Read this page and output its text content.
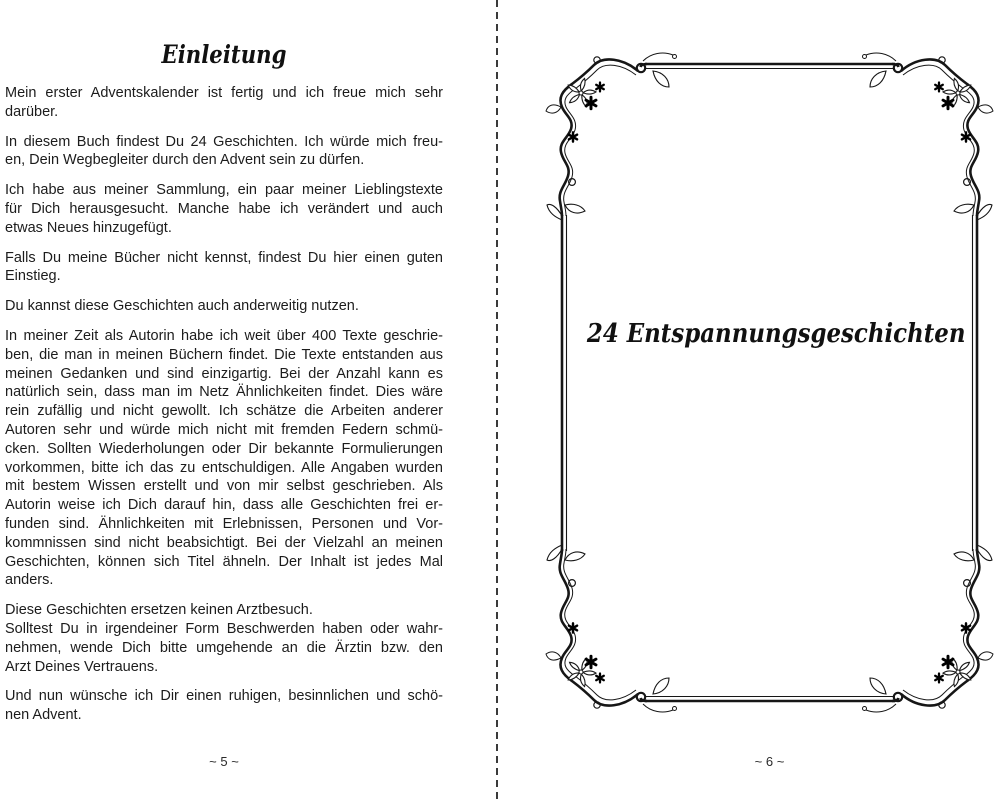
Einleitung

Mein erster Adventskalender ist fertig und ich freue mich sehr
darüber.

In diesem Buch findest Du 24 Geschichten. Ich würde mich freu-
en, Dein Wegbegleiter durch den Advent sein zu dürfen.

Ich habe aus meiner Sammlung, ein paar meiner Lieblingstexte
für Dich herausgesucht. Manche habe ich verändert und auch
etwas Neues hinzugefügt.

Falls Du meine Bücher nicht kennst, findest Du hier einen guten
Einstieg.

Du kannst diese Geschichten auch anderweitig nutzen.

In meiner Zeit als Autorin habe ich weit über 400 Texte geschrie-
ben, die man in meinen Büchern findet. Die Texte entstanden aus
meinen Gedanken und sind einzigartig. Bei der Anzahl kann es
natürlich sein, dass man im Netz Ähnlichkeiten findet. Dies wäre
rein zufällig und nicht gewollt. Ich schätze die Arbeiten anderer
Autoren sehr und würde mich nicht mit fremden Federn schmü-
cken. Sollten Wiederholungen oder Dir bekannte Formulierungen
vorkommen, bitte ich das zu entschuldigen. Alle Angaben wurden
mit bestem Wissen erstellt und von mir selbst geschrieben. Als
Autorin weise ich Dich darauf hin, dass alle Geschichten frei er-
funden sind. Ähnlichkeiten mit Erlebnissen, Personen und Vor-
kommnissen sind nicht beabsichtigt. Bei der Vielzahl an meinen
Geschichten, können sich Titel ähneln. Der Inhalt ist jedes Mal
anders.

Diese Geschichten ersetzen keinen Arztbesuch.

Solltest Du in irgendeiner Form Beschwerden haben oder wahr-
nehmen, wende Dich bitte umgehende an die Ärztin bzw. den
Arzt Deines Vertrauens.

Und nun wünsche ich Dir einen ruhigen, besinnlichen und schö-
nen Advent.

~ 5 ~
24 Entspannungsgeschichten
~ 6 ~
